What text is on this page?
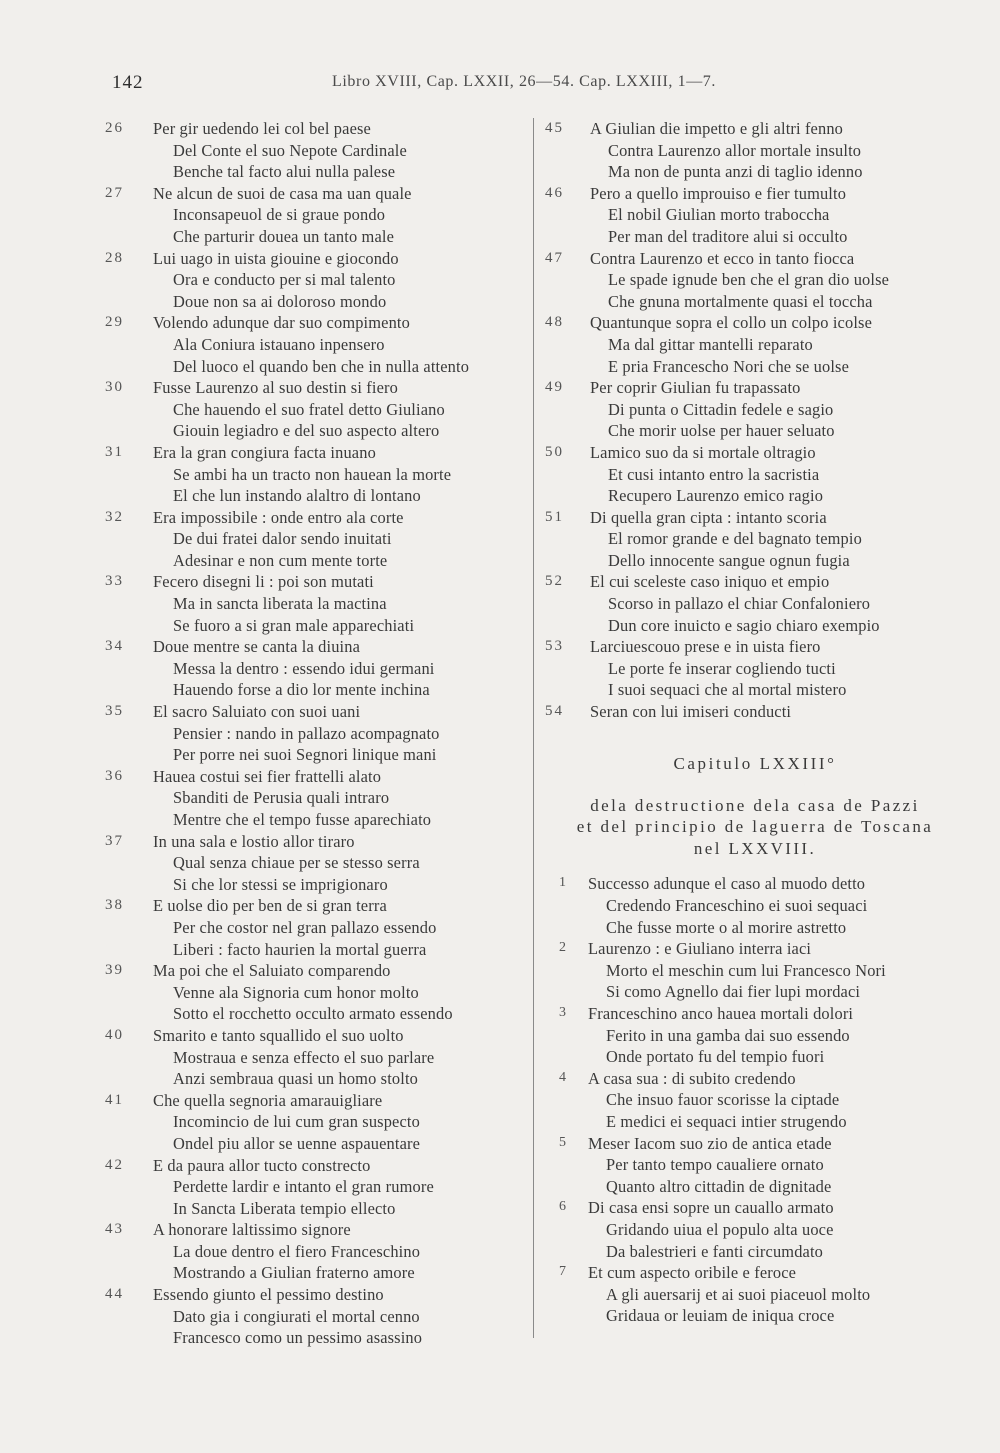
142	Libro XVIII, Cap. LXXII, 26—54. Cap. LXXIII, 1—7.
26	Per gir uedendo lei col bel paese
Del Conte el suo Nepote Cardinale
Benche tal facto alui nulla palese
27	Ne alcun de suoi de casa ma uan quale
Inconsapeuol de si graue pondo
Che parturir douea un tanto male
28	Lui uago in uista giouine e giocondo
Ora e conducto per si mal talento
Doue non sa ai doloroso mondo
29	Volendo adunque dar suo compimento
Ala Coniura istauano inpensero
Del luoco el quando ben che in nulla attento
30	Fusse Laurenzo al suo destin si fiero
Che hauendo el suo fratel detto Giuliano
Giouin legiadro e del suo aspecto altero
31	Era la gran congiura facta inuano
Se ambi ha un tracto non hauean la morte
El che lun instando alaltro di lontano
32	Era impossibile : onde entro ala corte
De dui fratei dalor sendo inuitati
Adesinar e non cum mente torte
33	Fecero disegni li : poi son mutati
Ma in sancta liberata la mactina
Se fuoro a si gran male apparechiati
34	Doue mentre se canta la diuina
Messa la dentro : essendo idui germani
Hauendo forse a dio lor mente inchina
35	El sacro Saluiato con suoi uani
Pensier : nando in pallazo acompagnato
Per porre nei suoi Segnori linique mani
36	Hauea costui sei fier frattelli alato
Sbanditi de Perusia quali intraro
Mentre che el tempo fusse aparechiato
37	In una sala e lostio allor tiraro
Qual senza chiaue per se stesso serra
Si che lor stessi se imprigionaro
38	E uolse dio per ben de si gran terra
Per che costor nel gran pallazo essendo
Liberi : facto haurien la mortal guerra
39	Ma poi che el Saluiato comparendo
Venne ala Signoria cum honor molto
Sotto el rocchetto occulto armato essendo
40	Smarito e tanto squallido el suo uolto
Mostraua e senza effecto el suo parlare
Anzi sembraua quasi un homo stolto
41	Che quella segnoria amarauigliare
Incomincio de lui cum gran suspecto
Ondel piu allor se uenne aspauentare
42	E da paura allor tucto constrecto
Perdette lardir e intanto el gran rumore
In Sancta Liberata tempio ellecto
43	A honorare laltissimo signore
La doue dentro el fiero Franceschino
Mostrando a Giulian fraterno amore
44	Essendo giunto el pessimo destino
Dato gia i congiurati el mortal cenno
Francesco como un pessimo asassino
45	A Giulian die impetto e gli altri fenno
Contra Laurenzo allor mortale insulto
Ma non de punta anzi di taglio idenno
46	Pero a quello improuiso e fier tumulto
El nobil Giulian morto traboccha
Per man del traditore alui si occulto
47	Contra Laurenzo et ecco in tanto fiocca
Le spade ignude ben che el gran dio uolse
Che gnuna mortalmente quasi el toccha
48	Quantunque sopra el collo un colpo icolse
Ma dal gittar mantelli reparato
E pria Francescho Nori che se uolse
49	Per coprir Giulian fu trapassato
Di punta o Cittadin fedele e sagio
Che morir uolse per hauer seluato
50	Lamico suo da si mortale oltragio
Et cusi intanto entro la sacristia
Recupero Laurenzo emico ragio
51	Di quella gran cipta : intanto scoria
El romor grande e del bagnato tempio
Dello innocente sangue ognun fugia
52	El cui sceleste caso iniquo et empio
Scorso in pallazo el chiar Confaloniero
Dun core inuicto e sagio chiaro exempio
53	Larciuescouo prese e in uista fiero
Le porte fe inserar cogliendo tucti
I suoi sequaci che al mortal mistero
54	Seran con lui imiseri conducti
Capitulo LXXIII°
dela destructione dela casa de Pazzi
et del principio de laguerra de Toscana
nel LXXVIII.
1	Successo adunque el caso al muodo detto
Credendo Franceschino ei suoi sequaci
Che fusse morte o al morire astretto
2	Laurenzo : e Giuliano interra iaci
Morto el meschin cum lui Francesco Nori
Si como Agnello dai fier lupi mordaci
3	Franceschino anco hauea mortali dolori
Ferito in una gamba dai suo essendo
Onde portato fu del tempio fuori
4	A casa sua : di subito credendo
Che insuo fauor scorisse la ciptade
E medici ei sequaci intier strugendo
5	Meser Iacom suo zio de antica etade
Per tanto tempo caualiere ornato
Quanto altro cittadin de dignitade
6	Di casa ensi sopre un cauallo armato
Gridando uiua el populo alta uoce
Da balestrieri e fanti circumdato
7	Et cum aspecto oribile e feroce
A gli auersarij et ai suoi piaceuol molto
Gridaua or leuiam de iniqua croce
